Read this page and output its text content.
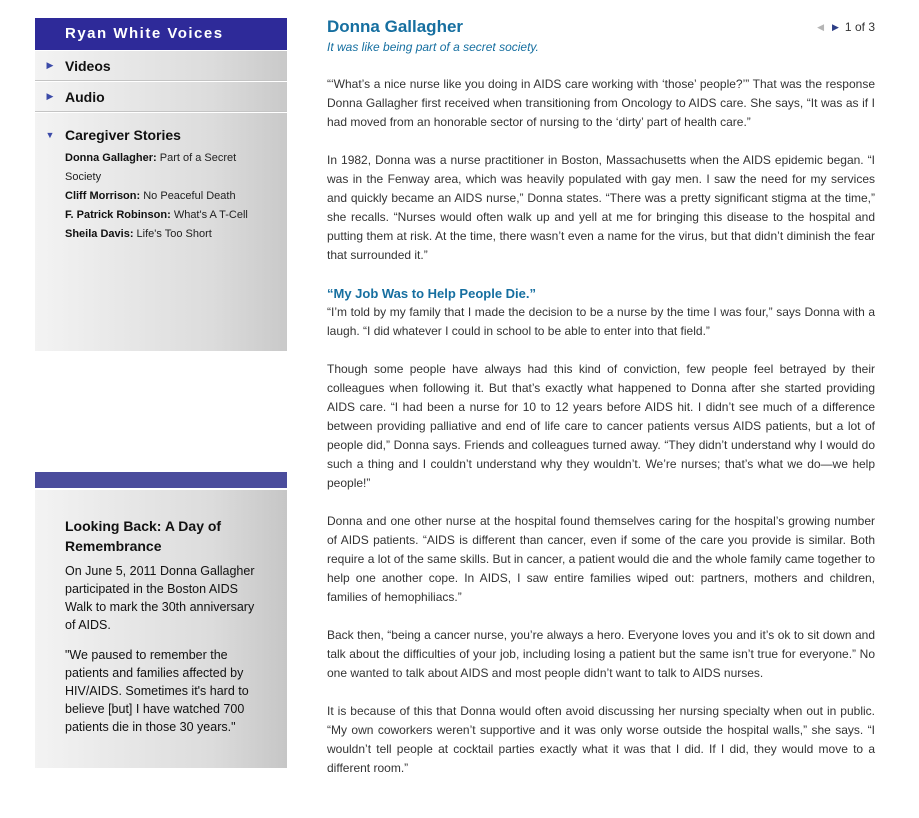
Ryan White Voices
▶ Videos
▶ Audio
▼ Caregiver Stories
Donna Gallagher: Part of a Secret Society
Cliff Morrison: No Peaceful Death
F. Patrick Robinson: What's A T-Cell
Sheila Davis: Life's Too Short

Looking Back: A Day of Remembrance

On June 5, 2011 Donna Gallagher participated in the Boston AIDS Walk to mark the 30th anniversary of AIDS.

"We paused to remember the patients and families affected by HIV/AIDS. Sometimes it's hard to believe [but] I have watched 700 patients die in those 30 years."

Donna Gallagher

It was like being part of a secret society.

◀ ▶ 1
of
3

“‘What’s a nice nurse like you doing in AIDS care working with ‘those’ people?’” That was the response Donna Gallagher first received when transitioning from Oncology to AIDS care. She says, “It was as if I had moved from an honorable sector of nursing to the ‘dirty’ part of health care.”

In 1982, Donna was a nurse practitioner in Boston, Massachusetts when the AIDS epidemic began. “I was in the Fenway area, which was heavily populated with gay men. I saw the need for my services and quickly became an AIDS nurse,” Donna states. “There was a pretty significant stigma at the time,” she recalls. “Nurses would often walk up and yell at me for bringing this disease to the hospital and putting them at risk. At the time, there wasn’t even a name for the virus, but that didn’t diminish the fear that surrounded it.”

“My Job Was to Help People Die.”

“I’m told by my family that I made the decision to be a nurse by the time I was four,” says Donna with a laugh. “I did whatever I could in school to be able to enter into that field.”

Though some people have always had this kind of conviction, few people feel betrayed by their colleagues when following it. But that’s exactly what happened to Donna after she started providing AIDS care. “I had been a nurse for 10 to 12 years before AIDS hit. I didn’t see much of a difference between providing palliative and end of life care to cancer patients versus AIDS patients, but a lot of people did,” Donna says. Friends and colleagues turned away. “They didn’t understand why I would do such a thing and I couldn’t understand why they wouldn’t. We’re nurses; that’s what we do—we help people!”

Donna and one other nurse at the hospital found themselves caring for the hospital’s growing number of AIDS patients. “AIDS is different than cancer, even if some of the care you provide is similar. Both require a lot of the same skills. But in cancer, a patient would die and the whole family came together to help one another cope. In AIDS, I saw entire families wiped out: partners, mothers and children, families of hemophiliacs.”

Back then, “being a cancer nurse, you’re always a hero. Everyone loves you and it’s ok to sit down and talk about the difficulties of your job, including losing a patient but the same isn’t true for everyone.” No one wanted to talk about AIDS and most people didn’t want to talk to AIDS nurses.

It is because of this that Donna would often avoid discussing her nursing specialty when out in public. “My own coworkers weren’t supportive and it was only worse outside the hospital walls,” she says. “I wouldn’t tell people at cocktail parties exactly what it was that I did. If I did, they would move to a different room.”
